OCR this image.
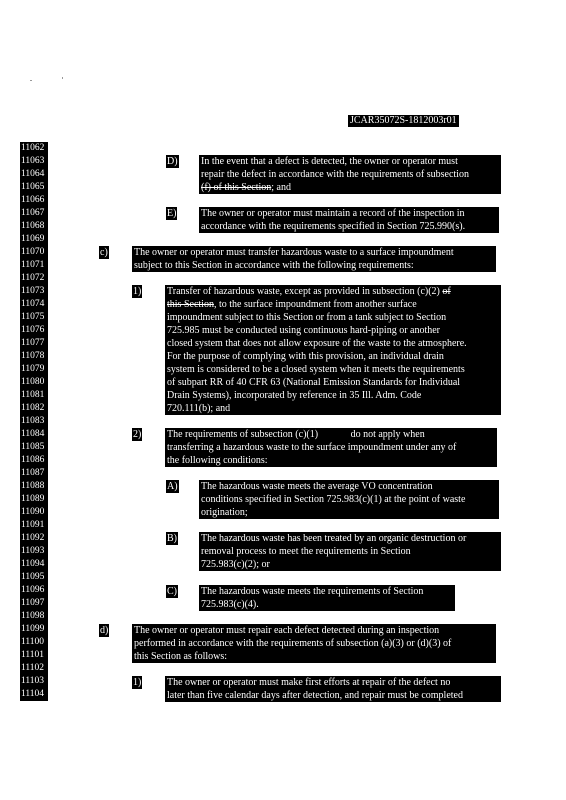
JCAR35072S-1812003r01
11062
11063
11064
11065
11066
11067
11068
11069
11070
11071
11072
11073
11074
11075
11076
11077
11078
11079
11080
11081
11082
11083
11084
11085
11086
11087
11088
11089
11090
11091
11092
11093
11094
11095
11096
11097
11098
11099
11100
11101
11102
11103
11104
D) In the event that a defect is detected, the owner or operator must
repair the defect in accordance with the requirements of subsection
(f) of this Section; and
E) The owner or operator must maintain a record of the inspection in
accordance with the requirements specified in Section 725.990(s).
c)	The owner or operator must transfer hazardous waste to a surface impoundment
subject to this Section in accordance with the following requirements:
1)	Transfer of hazardous waste, except as provided in subsection (c)(2) of
this Section, to the surface impoundment from another surface
impoundment subject to this Section or from a tank subject to Section
725.985 must be conducted using continuous hard-piping or another
closed system that does not allow exposure of the waste to the atmosphere.
For the purpose of complying with this provision, an individual drain
system is considered to be a closed system when it meets the requirements
of subpart RR of 40 CFR 63 (National Emission Standards for Individual
Drain Systems), incorporated by reference in 35 Ill. Adm. Code
720.111(b); and
2)	The requirements of subsection (c)(1)	do not apply when
transferring a hazardous waste to the surface impoundment under any of
the following conditions:
A) The hazardous waste meets the average VO concentration
conditions specified in Section 725.983(c)(1) at the point of waste
origination;
B) The hazardous waste has been treated by an organic destruction or
removal process to meet the requirements in Section
725.983(c)(2); or
C) The hazardous waste meets the requirements of Section
725.983(c)(4).
d)	The owner or operator must repair each defect detected during an inspection
performed in accordance with the requirements of subsection (a)(3) or (d)(3) of
this Section as follows:
1)	The owner or operator must make first efforts at repair of the defect no
later than five calendar days after detection, and repair must be completed
